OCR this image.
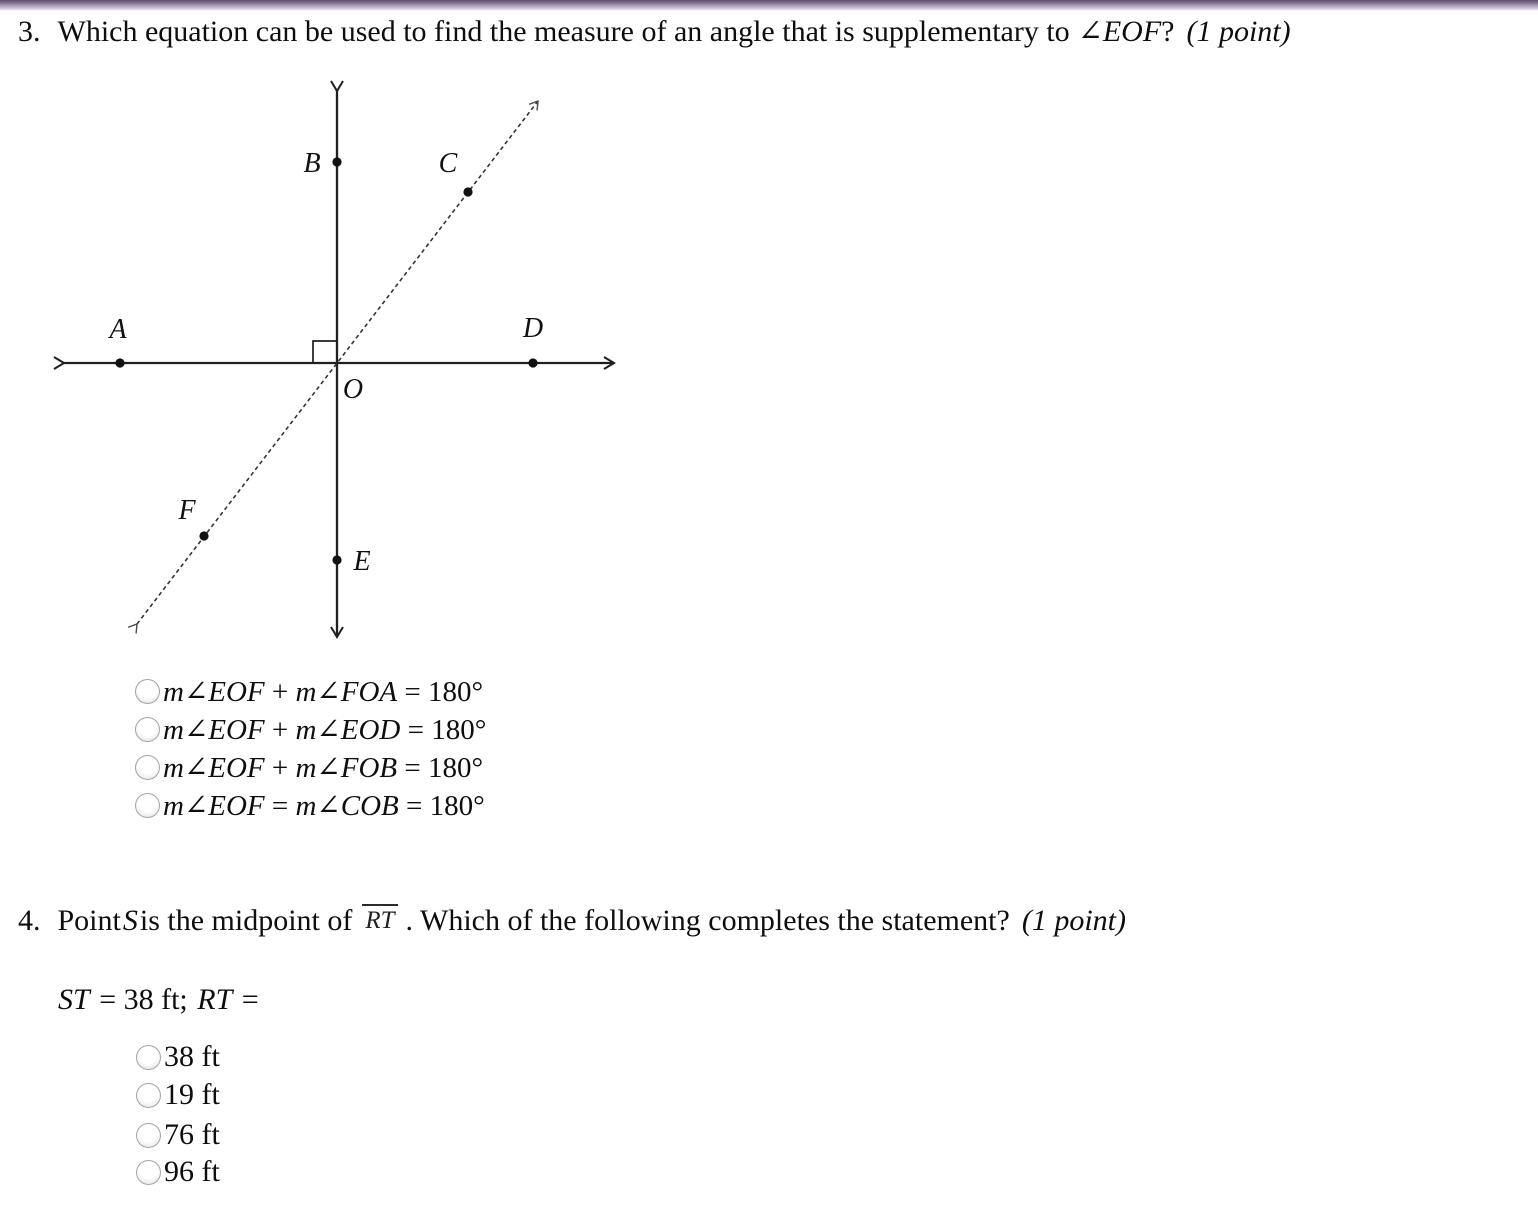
3. Which equation can be used to find the measure of an angle that is supplementary to ∠EOF? (1 point)
A
B	C
D
E
F
O
m∠EOF + m∠FOA = 180°
m∠EOF + m∠EOD = 180°
m∠EOF + m∠FOB = 180°
m∠EOF = m∠COB = 180°
4. PointSis the midpoint of RT . Which of the following completes the statement? (1 point)
ST = 38 ft; RT =
38 ft
19 ft
76 ft
96 ft
